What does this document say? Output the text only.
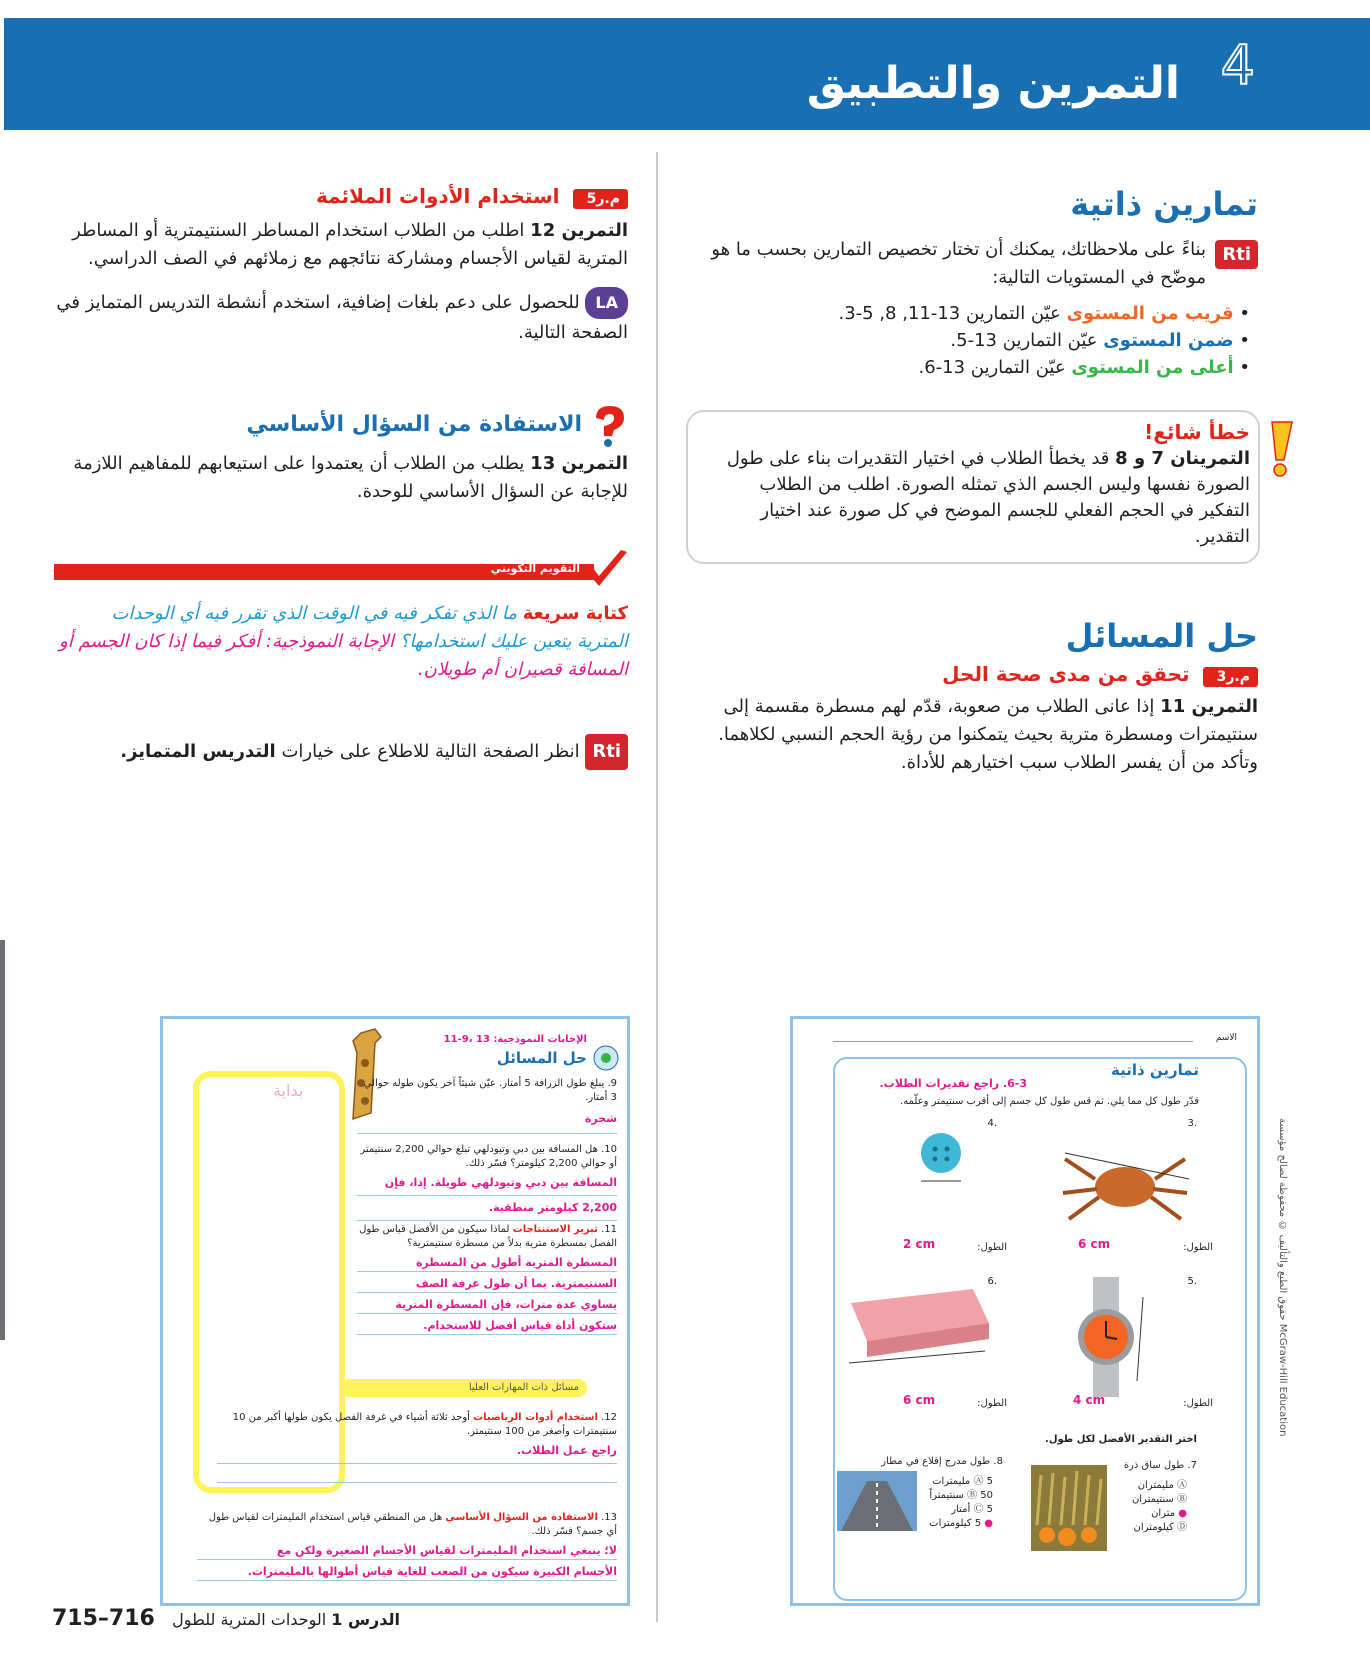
4
التمرين والتطبيق
تمارين ذاتية
Rti
بناءً على ملاحظاتك، يمكنك أن تختار تخصيص التمارين بحسب ما هو موضّح في المستويات التالية:
• قريب من المستوى عيّن التمارين 13-11, 8, 5-3.
• ضمن المستوى عيّن التمارين 13-5.
• أعلى من المستوى عيّن التمارين 13-6.
خطأ شائع!
التمرينان 7 و 8 قد يخطأ الطلاب في اختيار التقديرات بناء على طول الصورة نفسها وليس الجسم الذي تمثله الصورة. اطلب من الطلاب التفكير في الحجم الفعلي للجسم الموضح في كل صورة عند اختيار التقدير.
حل المسائل
م.ر3 تحقق من مدى صحة الحل
التمرين 11 إذا عانى الطلاب من صعوبة، قدّم لهم مسطرة مقسمة إلى سنتيمترات ومسطرة مترية بحيث يتمكنوا من رؤية الحجم النسبي لكلاهما. وتأكد من أن يفسر الطلاب سبب اختيارهم للأداة.
م.ر5 استخدام الأدوات الملائمة
التمرين 12 اطلب من الطلاب استخدام المساطر السنتيمترية أو المساطر المترية لقياس الأجسام ومشاركة نتائجهم مع زملائهم في الصف الدراسي.
LA للحصول على دعم بلغات إضافية، استخدم أنشطة التدريس المتمايز في الصفحة التالية.
الاستفادة من السؤال الأساسي
التمرين 13 يطلب من الطلاب أن يعتمدوا على استيعابهم للمفاهيم اللازمة للإجابة عن السؤال الأساسي للوحدة.
التقويم التكويني
كتابة سريعة ما الذي تفكر فيه في الوقت الذي تقرر فيه أي الوحدات المترية يتعين عليك استخدامها؟ الإجابة النموذجية: أفكر فيما إذا كان الجسم أو المسافة قصيران أم طويلان.
Rti انظر الصفحة التالية للاطلاع على خيارات التدريس المتمايز.
بداية
الإجابات النموذجية: 13 ،9-11
حل المسائل
9. يبلغ طول الزرافة 5 أمتار. عيّن شيئاً آخر يكون طوله حوالي 3 أمتار.
شجرة
10. هل المسافة بين دبي وتيودلهي تبلغ حوالي 2,200 سنتيمتر أو حوالي 2,200 كيلومتر؟ فسّر ذلك.
المسافة بين دبي وتيودلهي طويلة. إذا، فإن
2,200 كيلومتر منطقية.
11. تبرير الاستنتاجات لماذا سيكون من الأفضل قياس طول الفصل بمسطرة مترية بدلاً من مسطرة سنتيمترية؟
المسطرة المترية أطول من المسطرة
السنتيمترية. بما أن طول غرفة الصف
يساوي عدة مترات، فإن المسطرة المترية
ستكون أداة قياس أفضل للاستخدام.
مسائل ذات المهارات العليا
12. استخدام أدوات الرياضيات أوجد ثلاثة أشياء في غرفة الفصل يكون طولها أكبر من 10 سنتيمترات وأصغر من 100 سنتيمتر.
راجع عمل الطلاب.
13. الاستفادة من السؤال الأساسي هل من المنطقي قياس استخدام المليمترات لقياس طول أي جسم؟ فسّر ذلك.
لا؛ ينبغي استخدام المليمترات لقياس الأجسام الصغيرة ولكن مع
الأجسام الكبيرة سيكون من الصعب للغاية قياس أطوالها بالمليمترات.
الاسم
تمارين ذاتية
6-3. راجع تقديرات الطلاب.
قدّر طول كل مما يلي. ثم قس طول كل جسم إلى أقرب سنتيمتر وعلّمه.
3.
4.
الطول:
6 cm
الطول:
2 cm
5.
6.
الطول:
4 cm
الطول:
6 cm
اختر التقدير الأفضل لكل طول.
7. طول ساق ذرة
Ⓐ مليمتران
Ⓑ سنتيمتران
● متران
Ⓓ كيلومتران
8. طول مدرج إقلاع في مطار
Ⓐ 5 مليمترات
Ⓑ 50 سنتيمتراً
Ⓒ 5 أمتار
● 5 كيلومترات
حقوق الطبع والتأليف © محفوظة لصالح مؤسسة McGraw-Hill Education
الدرس 1 الوحدات المترية للطول
715–716
